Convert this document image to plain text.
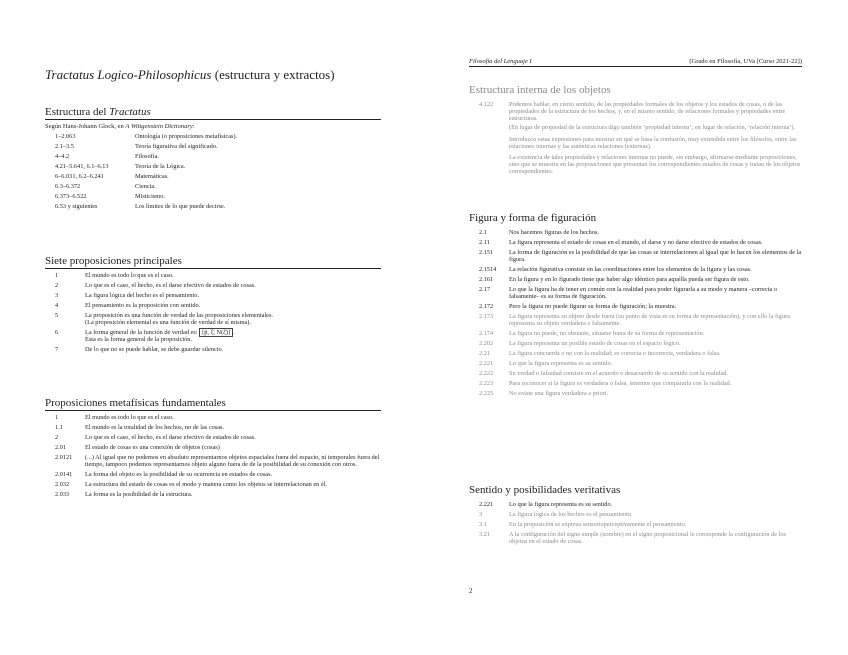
Tractatus Logico-Philosophicus (estructura y extractos)
Estructura del Tractatus
Según Hans-Johann Glock, en A Wittgenstein Dictionary:
1–2.063	Ontología (o proposiciones metafísicas).
2.1–3.5	Teoría figurativa del significado.
4–4.2	Filosofía.
4.21–5.641, 6.1–6.13	Teoría de la Lógica.
6–6.031, 6.2–6.241	Matemáticas.
6.3–6.372	Ciencia.
6.373–6.522	Misticismo.
6.53 y siguientes	Los límites de lo que puede decirse.
Siete proposiciones principales
1	El mundo es todo lo que es el caso.
2	Lo que es el caso, el hecho, es el darse efectivo de estados de cosas.
3	La figura lógica del hecho es el pensamiento.
4	El pensamiento es la proposición con sentido.
5	La proposición es una función de verdad de las proposiciones elementales.
(La proposición elemental es una función de verdad de sí misma).
6	La forma general de la función de verdad es: [p̄, ξ̄, N(ξ̄)] .
Ésta es la forma general de la proposición.
7	De lo que no se puede hablar, se debe guardar silencio.
Proposiciones metafísicas fundamentales
1	El mundo es todo lo que es el caso.
1.1	El mundo es la totalidad de los hechos, no de las cosas.
2	Lo que es el caso, el hecho, es el darse efectivo de estados de cosas.
2.01	El estado de cosas es una conexión de objetos (cosas)
2.0121	(...) Al igual que no podemos en absoluto representarnos objetos espaciales fuera del espacio, ni temporales fuera del tiempo, tampoco podemos representarnos objeto alguno fuera de de la posibilidad de su conexión con otros.
2.0141	La forma del objeto es la posibilidad de su ocurrencia en estados de cosas.
2.032	La estructura del estado de cosas es el modo y manera como los objetos se interrelacionan en él.
2.033	La forma es la posibilidad de la estructura.
Filosofía del Lenguaje I	(Grado en Filosofía, UVa [Curso 2021-22])
Estructura interna de los objetos
4.122	Podemos hablar, en cierto sentido, de las propiedades formales de los objetos y los estados de cosas, o de las propiedades de la estructura de los hechos, y, en el mismo sentido, de relaciones formales y propiedades entre estructuras.
(En lugar de propiedad de la estructura digo también ‘propiedad interna’; en lugar de relación, ‘relación interna’).
Introduzco estas expresiones para mostrar en qué se basa la confusión, muy extendida entre los filósofos, entre las relaciones internas y las auténticas relaciones (externas).
La existencia de tales propiedades y relaciones internas no puede, sin embargo, afirmarse mediante proposiciones, sino que se muestra en las proposiciones que presentan los correspondientes estados de cosas y tratan de los objetos correspondientes.
Figura y forma de figuración
2.1	Nos hacemos figuras de los hechos.
2.11	La figura representa el estado de cosas en el mundo, el darse y no darse efectivo de estados de cosas.
2.151	La forma de figuración es la posibilidad de que las cosas se interrelacionen al igual que lo hacen los elementos de la figura.
2.1514	La relación figurativa consiste en las coordinaciones entre los elementos de la figura y las cosas.
2.161	En la figura y en lo figurado tiene que haber algo idéntico para aquélla pueda ser figura de esto.
2.17	Lo que la figura ha de tener en común con la realidad para poder figurarla a su modo y manera –correcta o falsamente– es su forma de figuración.
2.172	Pero la figura no puede figurar su forma de figuración; la muestra.
2.173	La figura representa su objeto desde fuera (su punto de vista es su forma de representación), y con ello la figura representa su objeto verdadera o falsamente.
2.174	La figura no puede, no obstante, situarse fuera de su forma de representación.
2.202	La figura representa un posible estado de cosas en el espacio lógico.
2.21	La figura concuerda o no con la realidad; es correcta o incorrecta, verdadera o falsa.
2.221	Lo que la figura representa es su sentido.
2.222	Su verdad o falsedad consiste en el acuerdo o desacuerdo de su sentido con la realidad.
2.223	Para reconocer si la figura es verdadera o falsa, tenemos que compararla con la realidad.
2.225	No existe una figura verdadera a priori.
Sentido y posibilidades veritativas
2.221	Lo que la figura representa es su sentido.
3	La figura lógica de los hechos es el pensamiento.
3.1	En la proposición se expresa sensorioperceptivamente el pensamiento.
3.21	A la configuración del signo simple (nombre) en el signo proposicional le corresponde la configuración de los objetos en el estado de cosas.
2
